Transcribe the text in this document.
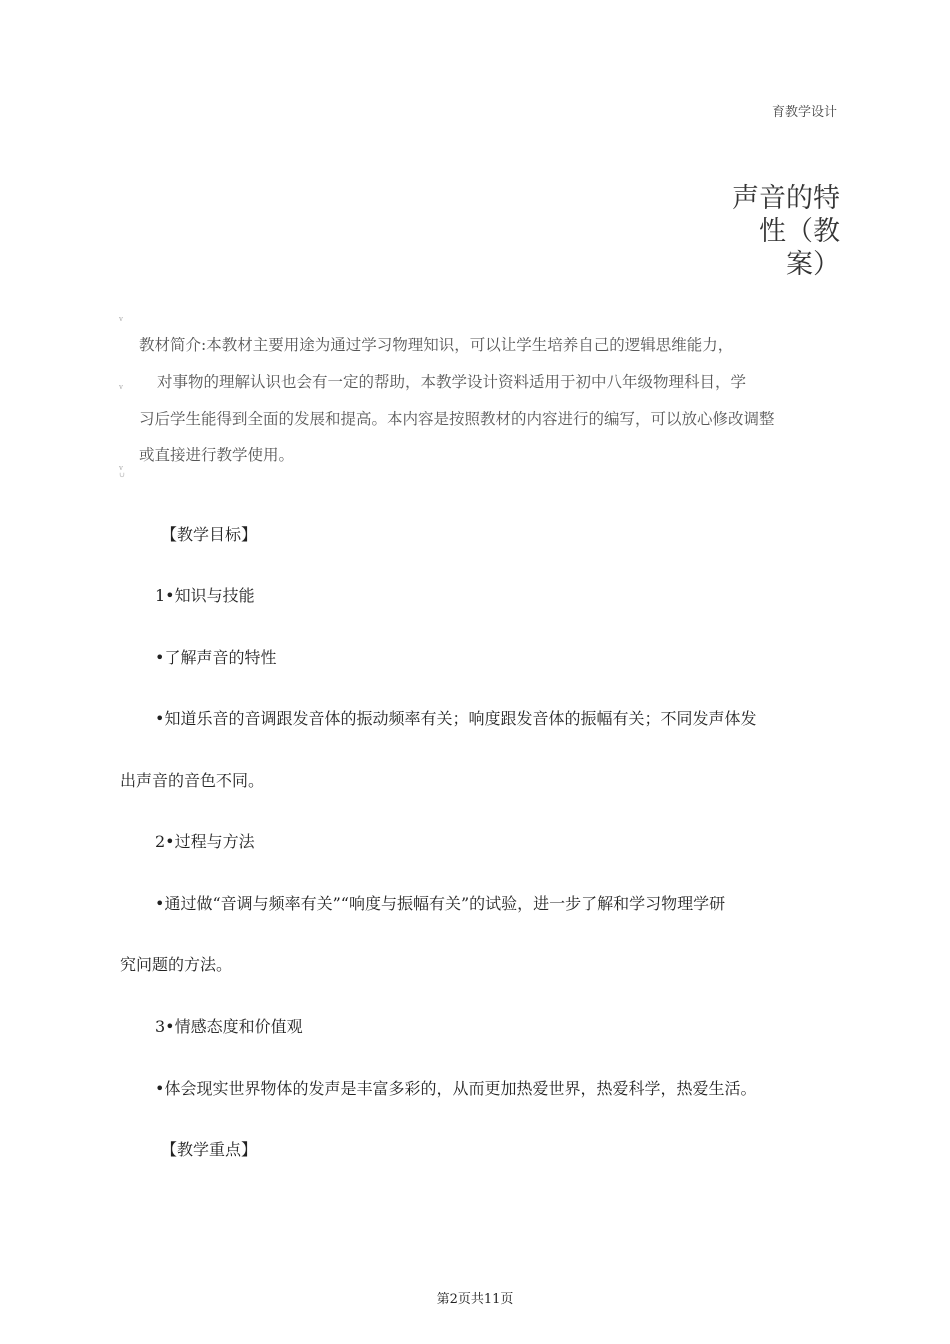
育教学设计
声音的特
性（教
案）
v
v
v
∪
教材简介:本教材主要用途为通过学习物理知识，可以让学生培养自己的逻辑思维能力，
对事物的理解认识也会有一定的帮助，本教学设计资料适用于初中八年级物理科目，学
习后学生能得到全面的发展和提高。本内容是按照教材的内容进行的编写，可以放心修改调整
或直接进行教学使用。
【教学目标】
1•知识与技能
•了解声音的特性
•知道乐音的音调跟发音体的振动频率有关；响度跟发音体的振幅有关；不同发声体发
出声音的音色不同。
2•过程与方法
•通过做“音调与频率有关”“响度与振幅有关”的试验，进一步了解和学习物理学研
究问题的方法。
3•情感态度和价值观
•体会现实世界物体的发声是丰富多彩的，从而更加热爱世界，热爱科学，热爱生活。
【教学重点】
第2页共11页
